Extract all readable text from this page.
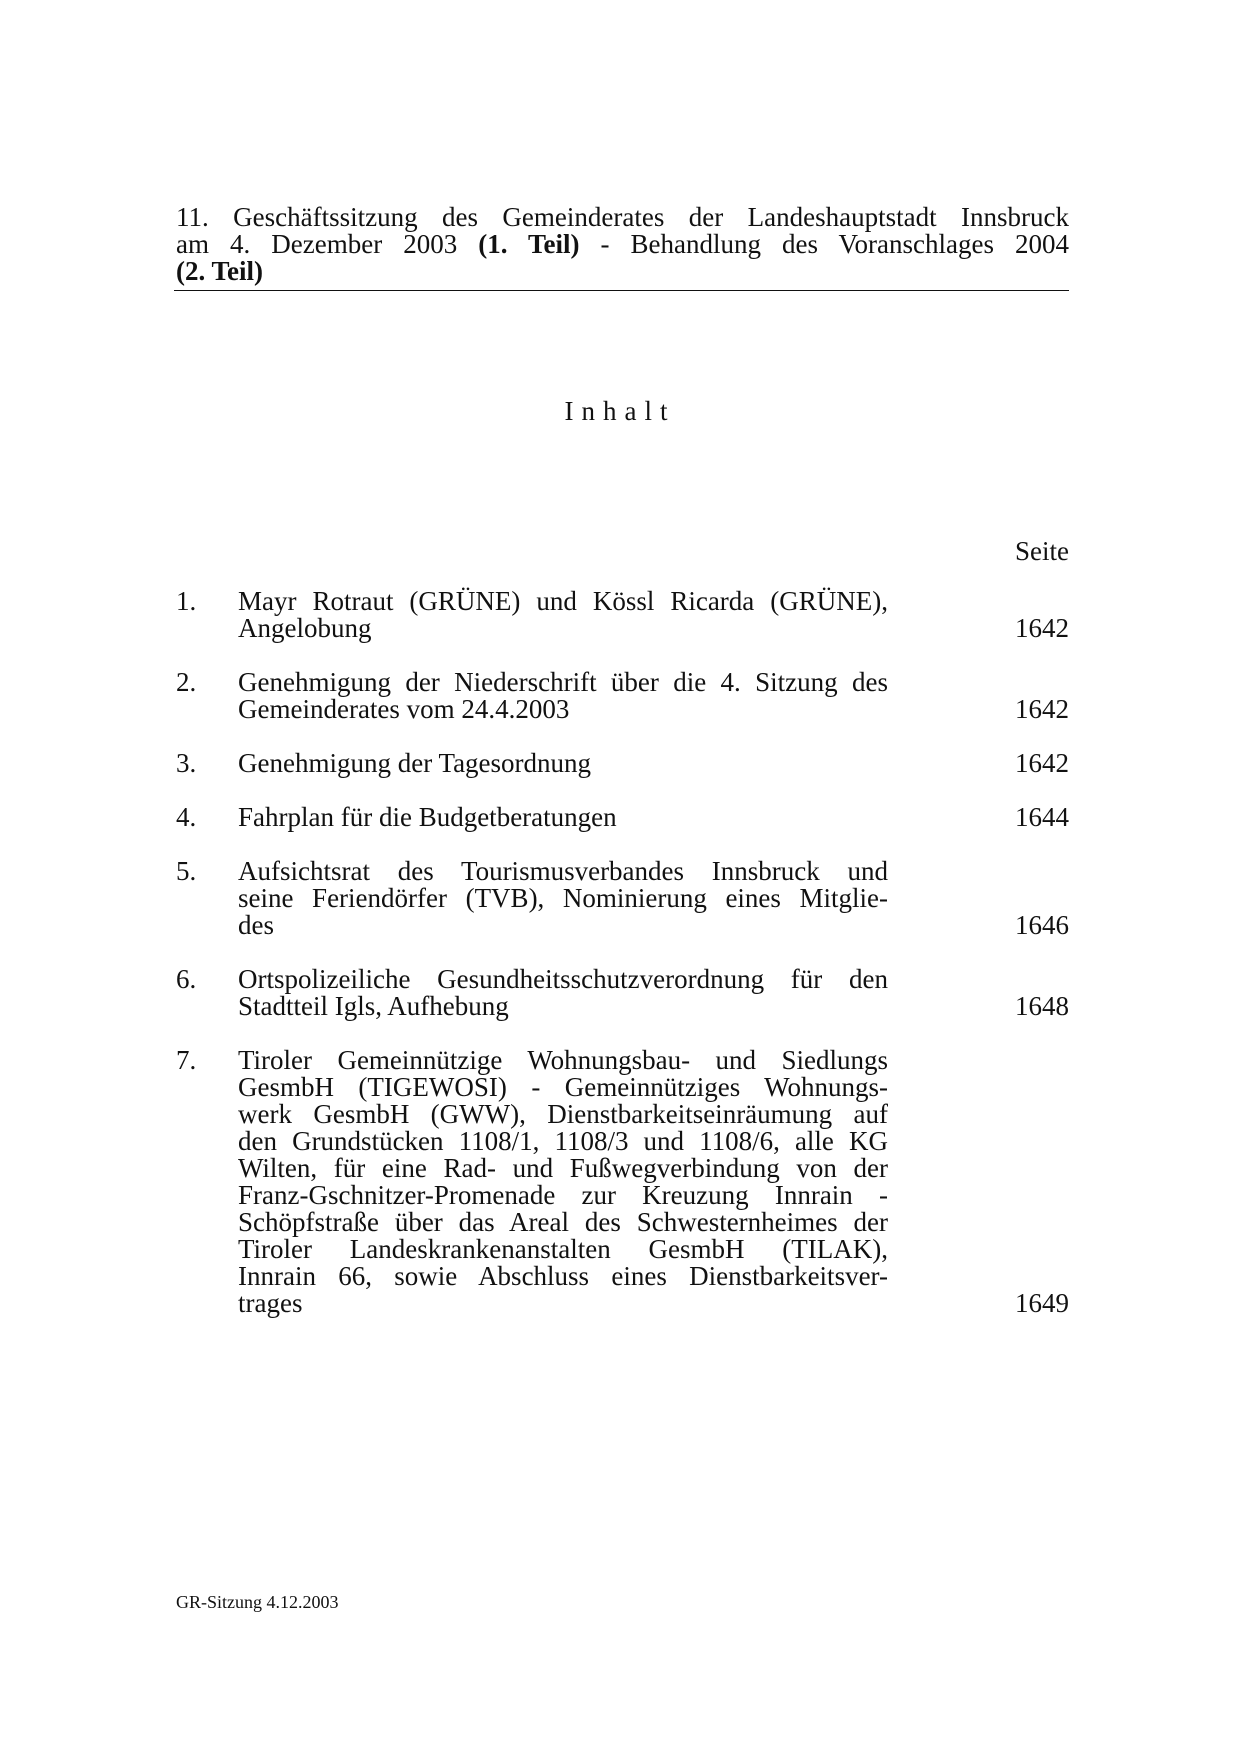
11. Geschäftssitzung des Gemeinderates der Landeshauptstadt Innsbruck
am 4. Dezember 2003 (1. Teil) - Behandlung des Voranschlages 2004
(2. Teil)
Inhalt
Seite
1.	Mayr Rotraut (GRÜNE) und Kössl Ricarda (GRÜNE),
Angelobung	1642
2.	Genehmigung der Niederschrift über die 4. Sitzung des
Gemeinderates vom 24.4.2003	1642
3.	Genehmigung der Tagesordnung	1642
4.	Fahrplan für die Budgetberatungen	1644
5.	Aufsichtsrat des Tourismusverbandes Innsbruck und
seine Feriendörfer (TVB), Nominierung eines Mitglie-
des	1646
6.	Ortspolizeiliche Gesundheitsschutzverordnung für den
Stadtteil Igls, Aufhebung	1648
7.	Tiroler Gemeinnützige Wohnungsbau- und Siedlungs
GesmbH (TIGEWOSI) - Gemeinnütziges Wohnungs-
werk GesmbH (GWW), Dienstbarkeitseinräumung auf
den Grundstücken 1108/1, 1108/3 und 1108/6, alle KG
Wilten, für eine Rad- und Fußwegverbindung von der
Franz-Gschnitzer-Promenade zur Kreuzung Innrain -
Schöpfstraße über das Areal des Schwesternheimes der
Tiroler Landeskrankenanstalten GesmbH (TILAK),
Innrain 66, sowie Abschluss eines Dienstbarkeitsver-
trages	1649
GR-Sitzung 4.12.2003
